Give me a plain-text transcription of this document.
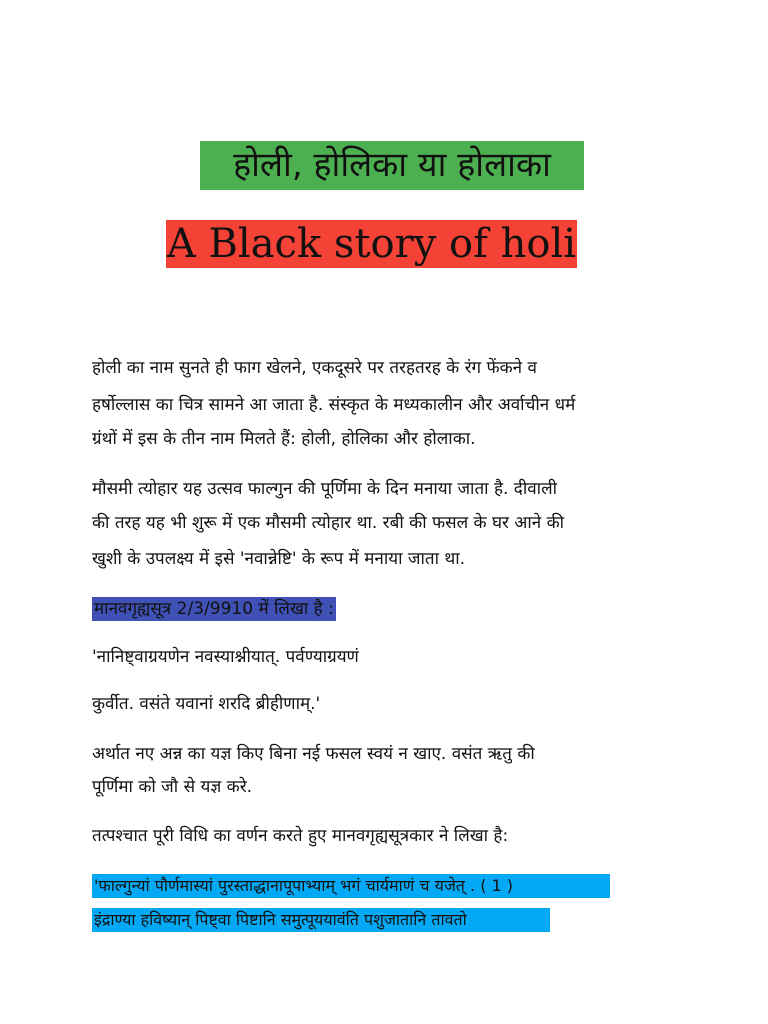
होली, होलिका या होलाका
A Black story of holi
होली का नाम सुनते ही फाग खेलने, एकदूसरे पर तरहतरह के रंग फेंकने व
हर्षोल्लास का चित्र सामने आ जाता है. संस्कृत के मध्यकालीन और अर्वाचीन धर्म
ग्रंथों में इस के तीन नाम मिलते हैं: होली, होलिका और होलाका.
मौसमी त्योहार यह उत्सव फाल्गुन की पूर्णिमा के दिन मनाया जाता है. दीवाली
की तरह यह भी शुरू में एक मौसमी त्योहार था. रबी की फसल के घर आने की
खुशी के उपलक्ष्य में इसे 'नवान्नेष्टि' के रूप में मनाया जाता था.
मानवगृह्यसूत्र 2/3/9910 में लिखा है :
'नानिष्ट्वाग्रयणेन नवस्याश्नीयात्. पर्वण्याग्रयणं
कुर्वीत. वसंते यवानां शरदि ब्रीहीणाम्.'
अर्थात नए अन्न का यज्ञ किए बिना नई फसल स्वयं न खाए. वसंत ऋतु की
पूर्णिमा को जौ से यज्ञ करे.
तत्पश्चात पूरी विधि का वर्णन करते हुए मानवगृह्यसूत्रकार ने लिखा है:
'फाल्गुन्यां पौर्णमास्यां पुरस्ताद्धानापूपाभ्याम् भगं चार्यमाणं च यजेत् . ( 1 )
इंद्राण्या हविष्यान् पिष्ट्वा पिष्टानि समुत्पूययावंति पशुजातानि तावतो
